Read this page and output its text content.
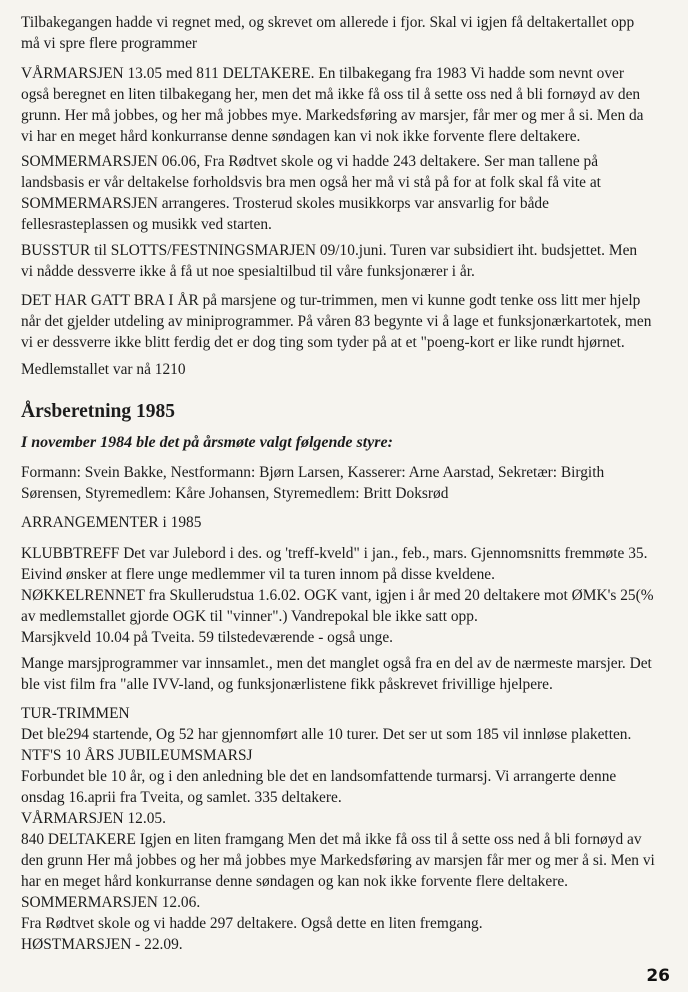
Tilbakegangen hadde vi regnet med, og skrevet om allerede i fjor. Skal vi igjen få deltakertallet opp

må vi spre flere programmer

VÅRMARSJEN 13.05 med 811 DELTAKERE. En tilbakegang fra 1983 Vi hadde som nevnt over

også beregnet en liten tilbakegang her, men det må ikke få oss til å sette oss ned å bli fornøyd av den

grunn. Her må jobbes, og her må jobbes mye. Markedsføring av marsjer, får mer og mer å si. Men da

vi har en meget hård konkurranse denne søndagen kan vi nok ikke forvente flere deltakere.

SOMMERMARSJEN 06.06, Fra Rødtvet skole og vi hadde 243 deltakere. Ser man tallene på

landsbasis er vår deltakelse forholdsvis bra men også her må vi stå på for at folk skal få vite at

SOMMERMARSJEN arrangeres. Trosterud skoles musikkorps var ansvarlig for både

fellesrasteplassen og musikk ved starten.

BUSSTUR til SLOTTS/FESTNINGSMARJEN 09/10.juni. Turen var subsidiert iht. budsjettet. Men

vi nådde dessverre ikke å få ut noe spesialtilbud til våre funksjonærer i år.

DET HAR GATT BRA I ÅR på marsjene og tur-trimmen, men vi kunne godt tenke oss litt mer hjelp

når det gjelder utdeling av miniprogrammer. På våren 83 begynte vi å lage et funksjonærkartotek, men

vi er dessverre ikke blitt ferdig det er dog ting som tyder på at et "poeng-kort er like rundt hjørnet.

Medlemstallet var nå 1210

Årsberetning 1985
I november 1984 ble det på årsmøte valgt følgende styre:

Formann: Svein Bakke, Nestformann: Bjørn Larsen, Kasserer: Arne Aarstad, Sekretær: Birgith

Sørensen, Styremedlem: Kåre Johansen, Styremedlem: Britt Doksrød

ARRANGEMENTER i 1985

KLUBBTREFF Det var Julebord i des. og 'treff-kveld" i jan., feb., mars. Gjennomsnitts fremmøte 35.

Eivind ønsker at flere unge medlemmer vil ta turen innom på disse kveldene.

NØKKELRENNET fra Skullerudstua 1.6.02. OGK vant, igjen i år med 20 deltakere mot ØMK's 25(%

av medlemstallet gjorde OGK til "vinner".) Vandrepokal ble ikke satt opp.

Marsjkveld 10.04 på Tveita. 59 tilstedeværende - også unge.

Mange marsjprogrammer var innsamlet., men det manglet også fra en del av de nærmeste marsjer. Det

ble vist film fra "alle IVV-land, og funksjonærlistene fikk påskrevet frivillige hjelpere.

TUR-TRIMMEN

Det ble294 startende, Og 52 har gjennomført alle 10 turer. Det ser ut som 185 vil innløse plaketten.

NTF'S 10 ÅRS JUBILEUMSMARSJ

Forbundet ble 10 år, og i den anledning ble det en landsomfattende turmarsj. Vi arrangerte denne

onsdag 16.aprii fra Tveita, og samlet. 335 deltakere.

VÅRMARSJEN 12.05.

840 DELTAKERE Igjen en liten framgang Men det må ikke få oss til å sette oss ned å bli fornøyd av

den grunn Her må jobbes og her må jobbes mye Markedsføring av marsjen får mer og mer å si. Men vi

har en meget hård konkurranse denne søndagen og kan nok ikke forvente flere deltakere.

SOMMERMARSJEN 12.06.

Fra Rødtvet skole og vi hadde 297 deltakere. Også dette en liten fremgang.

HØSTMARSJEN - 22.09.

26
